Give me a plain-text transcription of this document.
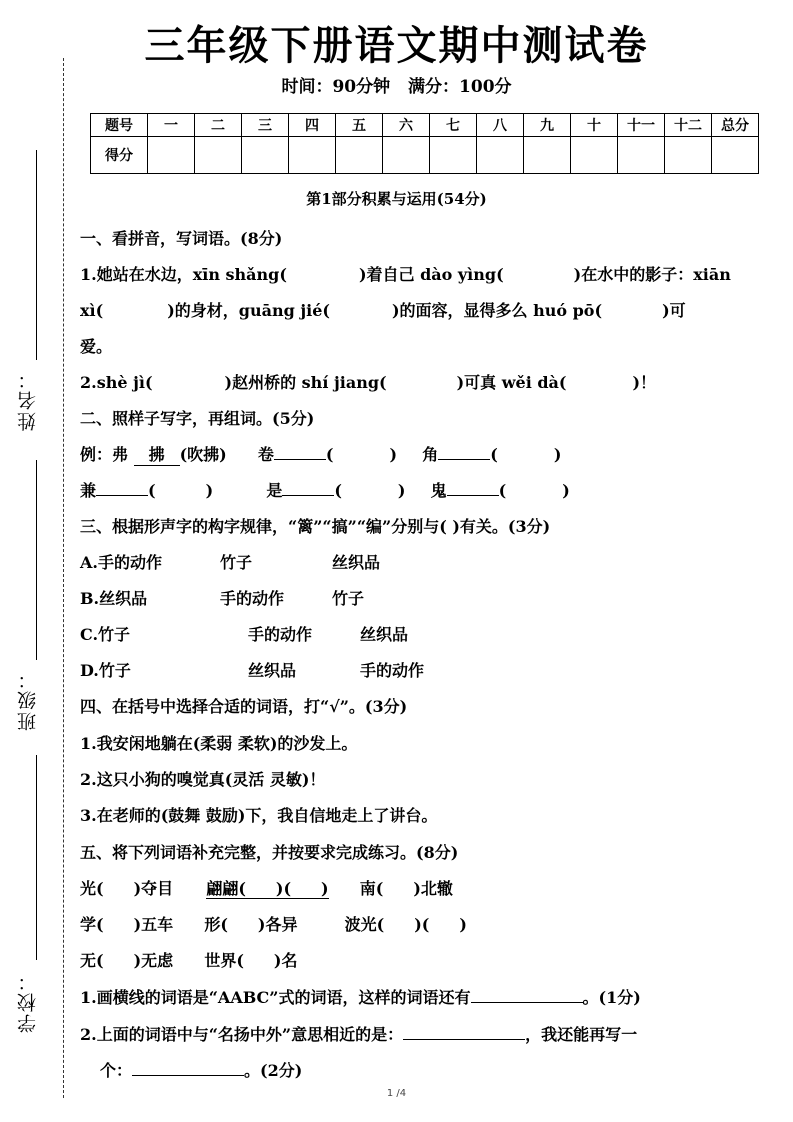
姓名：
班级：
学校：
三年级下册语文期中测试卷
时间：90分钟 满分：100分
题号	一	二	三	四	五	六	七	八	九	十	十一	十二	总分
得分													
第1部分积累与运用(54分)
一、看拼音，写词语。(8分)
1.她站在水边，xīn shǎng(	)着自己 dào yìng(	)在水中的影子：xiān
xì(	)的身材，guāng jié(	)的面容，显得多么 huó pō(	)可
爱。
2.shè jì(	)赵州桥的 shí jiang(	)可真 wěi dà(	)！
二、照样子写字，再组词。(5分)
例：弗 拂 (吹拂) 卷	(	) 角	(	)
兼	(	)	是	(	) 鬼	(	)
三、根据形声字的构字规律，“篱”“搞”“编”分别与( )有关。(3分)
A.手的动作	竹子	丝织品
B.丝织品	手的动作	竹子
C.竹子	手的动作	丝织品
D.竹子	丝织品	手的动作
四、在括号中选择合适的词语，打“√”。(3分)
1.我安闲地躺在(柔弱 柔软)的沙发上。
2.这只小狗的嗅觉真(灵活 灵敏)！
3.在老师的(鼓舞 鼓励)下，我自信地走上了讲台。
五、将下列词语补充完整，并按要求完成练习。(8分)
光( )夺目 翩翩( )( ) 南( )北辙
学( )五车 形( )各异	波光( )( )
无( )无虑 世界( )名
1.画横线的词语是“AABC”式的词语，这样的词语还有	。(1分)
2.上面的词语中与“名扬中外”意思相近的是：	，我还能再写一
个：	。(2分)
1 /4
